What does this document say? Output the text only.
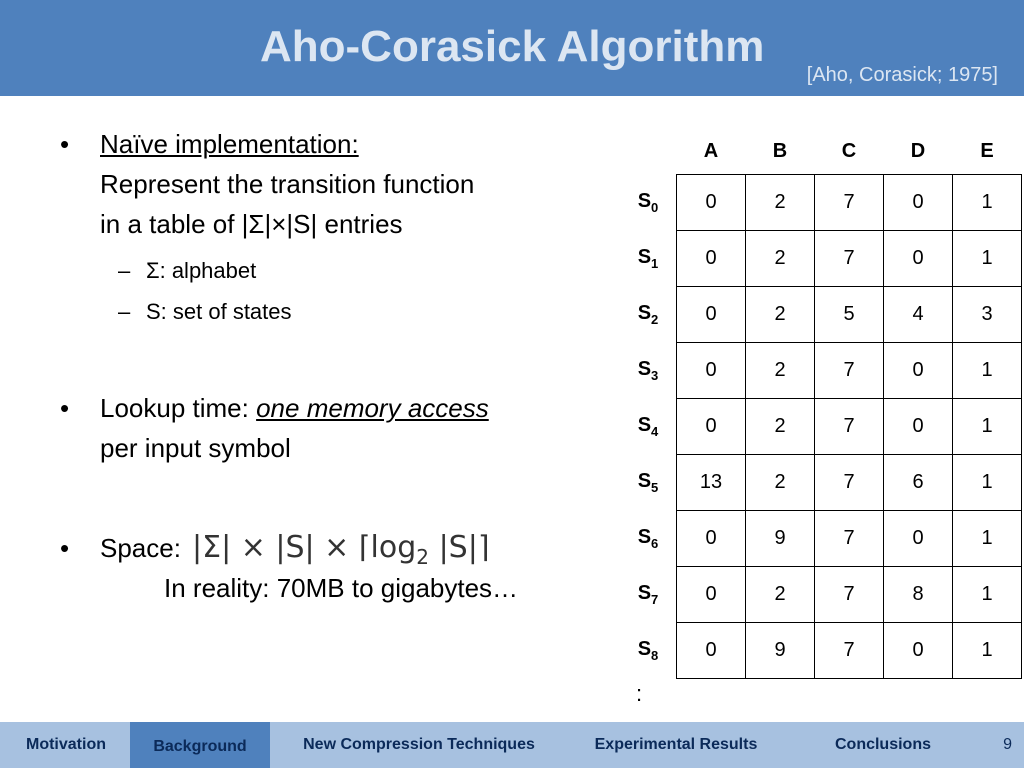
Aho-Corasick Algorithm
[Aho, Corasick; 1975]
• Naïve implementation:
Represent the transition function
in a table of |Σ|×|S| entries
– Σ: alphabet
– S: set of states
• Lookup time: one memory access
per input symbol
• Space: $|\Sigma| \times |S| \times ⌈\log_2$ |S|⌉
In reality: 70MB to gigabytes…
	A	B	C	D	E
$S_0$	0	2	7	0	1
$S_1$	0	2	7	0	1
$S_2$	0	2	5	4	3
$S_3$	0	2	7	0	1
$S_4$	0	2	7	0	1
$S_5$	13	2	7	6	1
$S_6$	0	9	7	0	1
$S_7$	0	2	7	8	1
$S_8$	0	9	7	0	1
:
Motivation	Background	New Compression Techniques	Experimental Results	Conclusions	9
